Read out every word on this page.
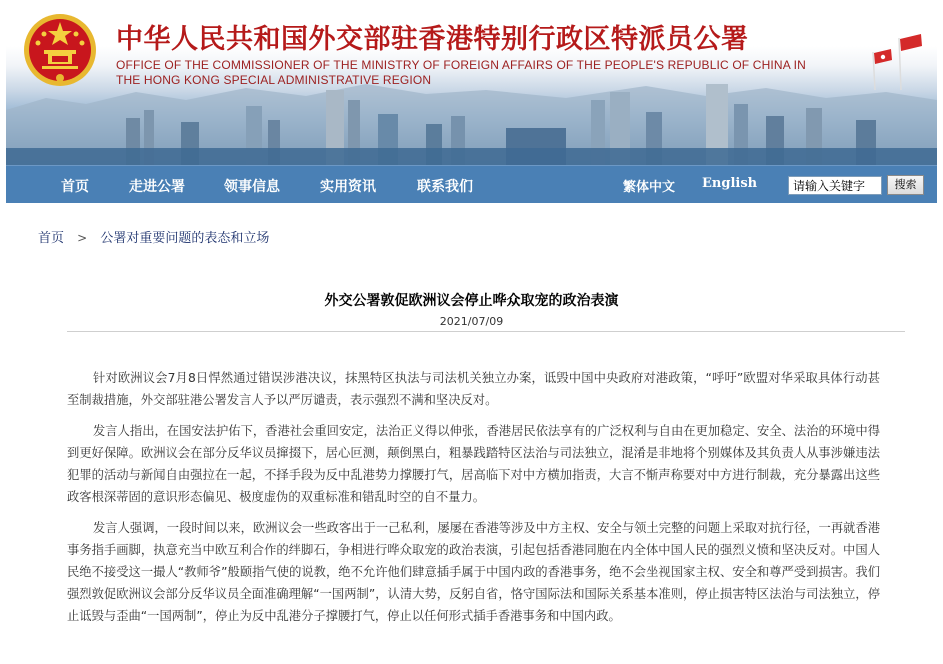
中华人民共和国外交部驻香港特别行政区特派员公署

OFFICE OF THE COMMISSIONER OF THE MINISTRY OF FOREIGN AFFAIRS OF THE PEOPLE'S REPUBLIC OF CHINA IN

THE HONG KONG SPECIAL ADMINISTRATIVE REGION

首页	走进公署	领事信息	实用资讯	联系我们	繁体中文 English
请输入关键字	搜索
首页 > 公署对重要问题的表态和立场
外交公署敦促欧洲议会停止哗众取宠的政治表演
2021/07/09

针对欧洲议会7月8日悍然通过错误涉港决议，抹黑特区执法与司法机关独立办案，诋毁中国中央政府对港政策，“呼吁”欧盟对华采取具体行动甚至制裁措施，外交部驻港公署发言人予以严厉谴责，表示强烈不满和坚决反对。

发言人指出，在国安法护佑下，香港社会重回安定，法治正义得以伸张，香港居民依法享有的广泛权利与自由在更加稳定、安全、法治的环境中得到更好保障。欧洲议会在部分反华议员撺掇下，居心叵测，颠倒黑白，粗暴践踏特区法治与司法独立，混淆是非地将个别媒体及其负责人从事涉嫌违法犯罪的活动与新闻自由强拉在一起，不择手段为反中乱港势力撑腰打气，居高临下对中方横加指责，大言不惭声称要对中方进行制裁，充分暴露出这些政客根深蒂固的意识形态偏见、极度虚伪的双重标准和错乱时空的自不量力。

发言人强调，一段时间以来，欧洲议会一些政客出于一己私利，屡屡在香港等涉及中方主权、安全与领土完整的问题上采取对抗行径，一再就香港事务指手画脚，执意充当中欧互利合作的绊脚石，争相进行哗众取宠的政治表演，引起包括香港同胞在内全体中国人民的强烈义愤和坚决反对。中国人民绝不接受这一撮人“教师爷”般颐指气使的说教，绝不允许他们肆意插手属于中国内政的香港事务，绝不会坐视国家主权、安全和尊严受到损害。我们强烈敦促欧洲议会部分反华议员全面准确理解“一国两制”，认清大势，反躬自省，恪守国际法和国际关系基本准则，停止损害特区法治与司法独立，停止诋毁与歪曲“一国两制”，停止为反中乱港分子撑腰打气，停止以任何形式插手香港事务和中国内政。
